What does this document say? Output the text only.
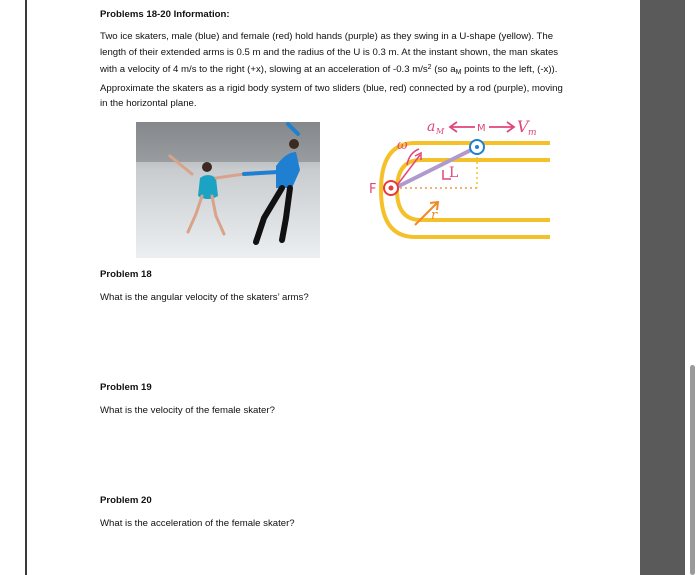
Problems 18-20 Information:
Two ice skaters, male (blue) and female (red) hold hands (purple) as they swing in a U-shape (yellow). The length of their extended arms is 0.5 m and the radius of the U is 0.3 m. At the instant shown, the man skates with a velocity of 4 m/s to the right (+x), slowing at an acceleration of -0.3 $m/s^2$ (so $a_M$ points to the left, (-x)). Approximate the skaters as a rigid body system of two sliders (blue, red) connected by a rod (purple), moving in the horizontal plane.
a M	M V m
ω
F
L
r
Problem 18
What is the angular velocity of the skaters’ arms?
Problem 19
What is the velocity of the female skater?
Problem 20
What is the acceleration of the female skater?
